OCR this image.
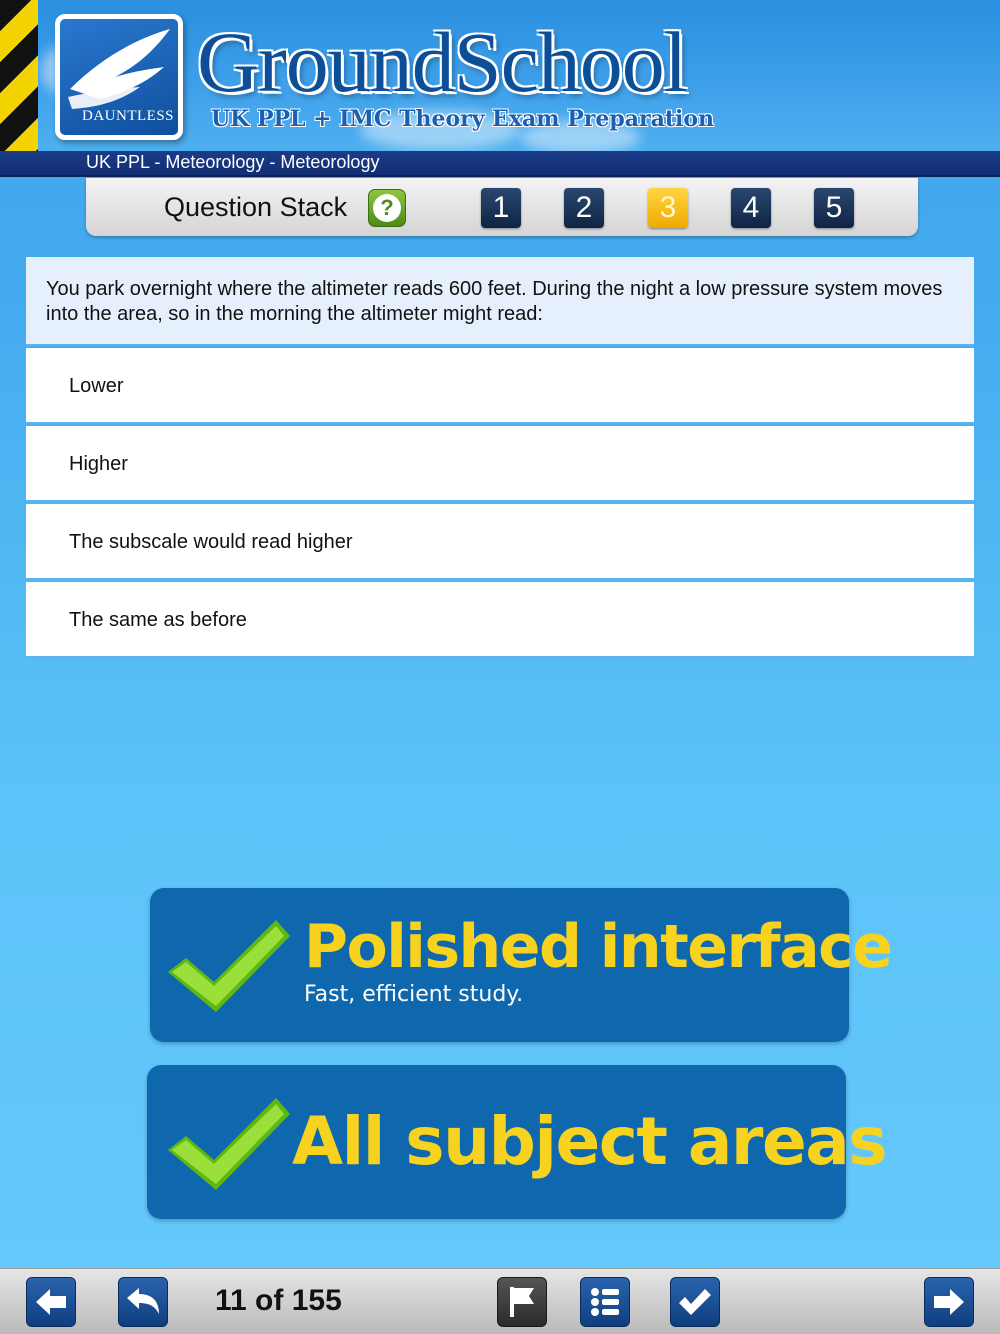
DAUNTLESS
GroundSchool
UK PPL + IMC Theory Exam Preparation
UK PPL - Meteorology - Meteorology
Question Stack	?	1	2	3	4	5
You park overnight where the altimeter reads 600 feet. During the night a low pressure system moves into the area, so in the morning the altimeter might read:
Lower
Higher
The subscale would read higher
The same as before
Polished interface
Fast, efficient study.
All subject areas
11 of 155
